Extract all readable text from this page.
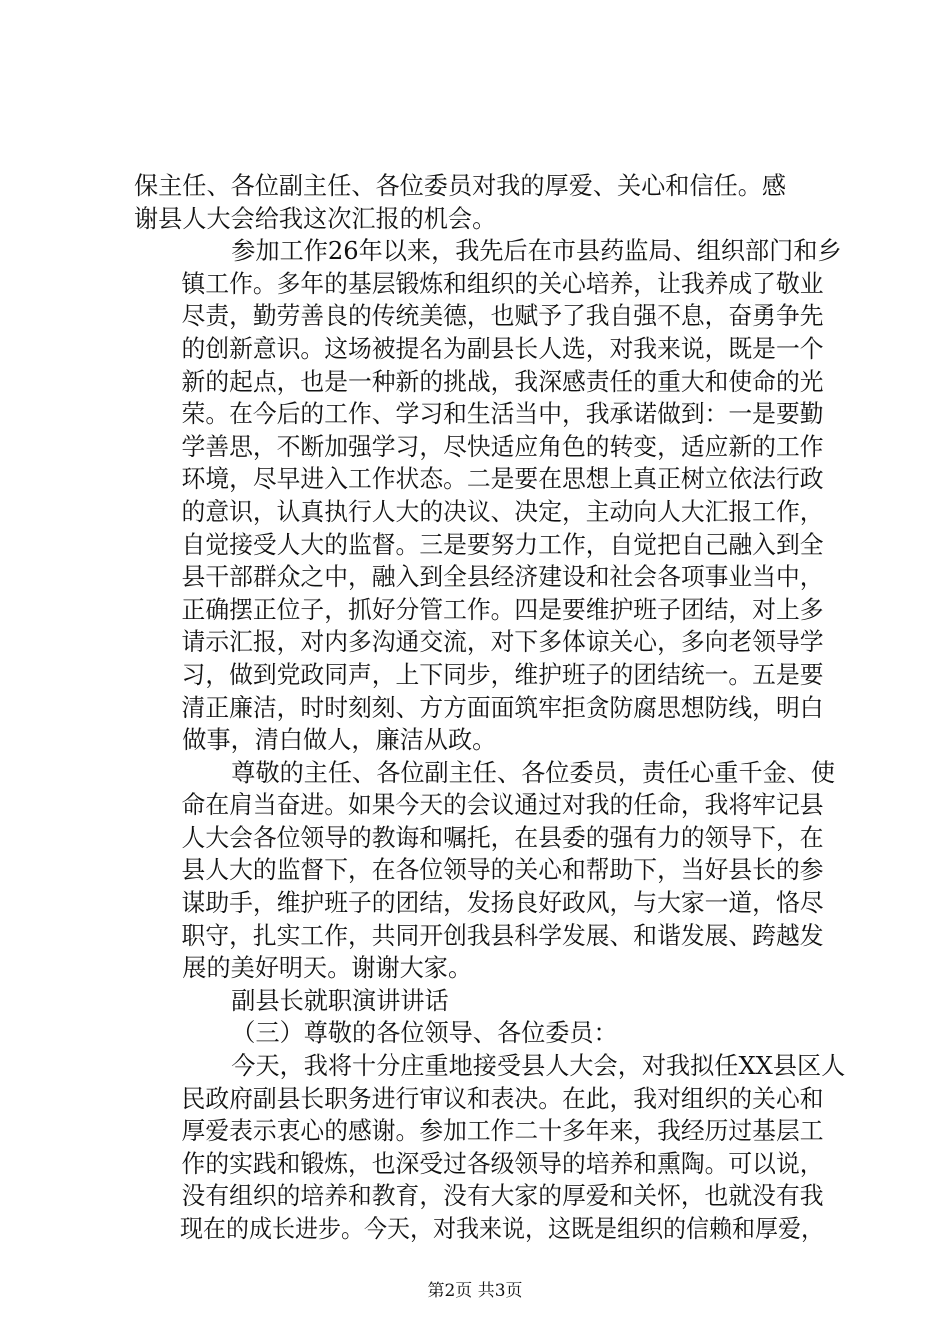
保主任、各位副主任、各位委员对我的厚爱、关心和信任。感谢县人大会给我这次汇报的机会。

参加工作26年以来，我先后在市县药监局、组织部门和乡镇工作。多年的基层锻炼和组织的关心培养，让我养成了敬业尽责，勤劳善良的传统美德，也赋予了我自强不息，奋勇争先的创新意识。这场被提名为副县长人选，对我来说，既是一个新的起点，也是一种新的挑战，我深感责任的重大和使命的光荣。在今后的工作、学习和生活当中，我承诺做到：一是要勤学善思，不断加强学习，尽快适应角色的转变，适应新的工作环境，尽早进入工作状态。二是要在思想上真正树立依法行政的意识，认真执行人大的决议、决定，主动向人大汇报工作，自觉接受人大的监督。三是要努力工作，自觉把自己融入到全县干部群众之中，融入到全县经济建设和社会各项事业当中，正确摆正位子，抓好分管工作。四是要维护班子团结，对上多请示汇报，对内多沟通交流，对下多体谅关心，多向老领导学习，做到党政同声，上下同步，维护班子的团结统一。五是要清正廉洁，时时刻刻、方方面面筑牢拒贪防腐思想防线，明白做事，清白做人，廉洁从政。

尊敬的主任、各位副主任、各位委员，责任心重千金、使命在肩当奋进。如果今天的会议通过对我的任命，我将牢记县人大会各位领导的教诲和嘱托，在县委的强有力的领导下，在县人大的监督下，在各位领导的关心和帮助下，当好县长的参谋助手，维护班子的团结，发扬良好政风，与大家一道，恪尽职守，扎实工作，共同开创我县科学发展、和谐发展、跨越发展的美好明天。谢谢大家。

副县长就职演讲讲话

（三）尊敬的各位领导、各位委员：

今天，我将十分庄重地接受县人大会，对我拟任XX县区人民政府副县长职务进行审议和表决。在此，我对组织的关心和厚爱表示衷心的感谢。参加工作二十多年来，我经历过基层工作的实践和锻炼，也深受过各级领导的培养和熏陶。可以说，没有组织的培养和教育，没有大家的厚爱和关怀，也就没有我现在的成长进步。今天，对我来说，这既是组织的信赖和厚爱，

第2页 共3页
